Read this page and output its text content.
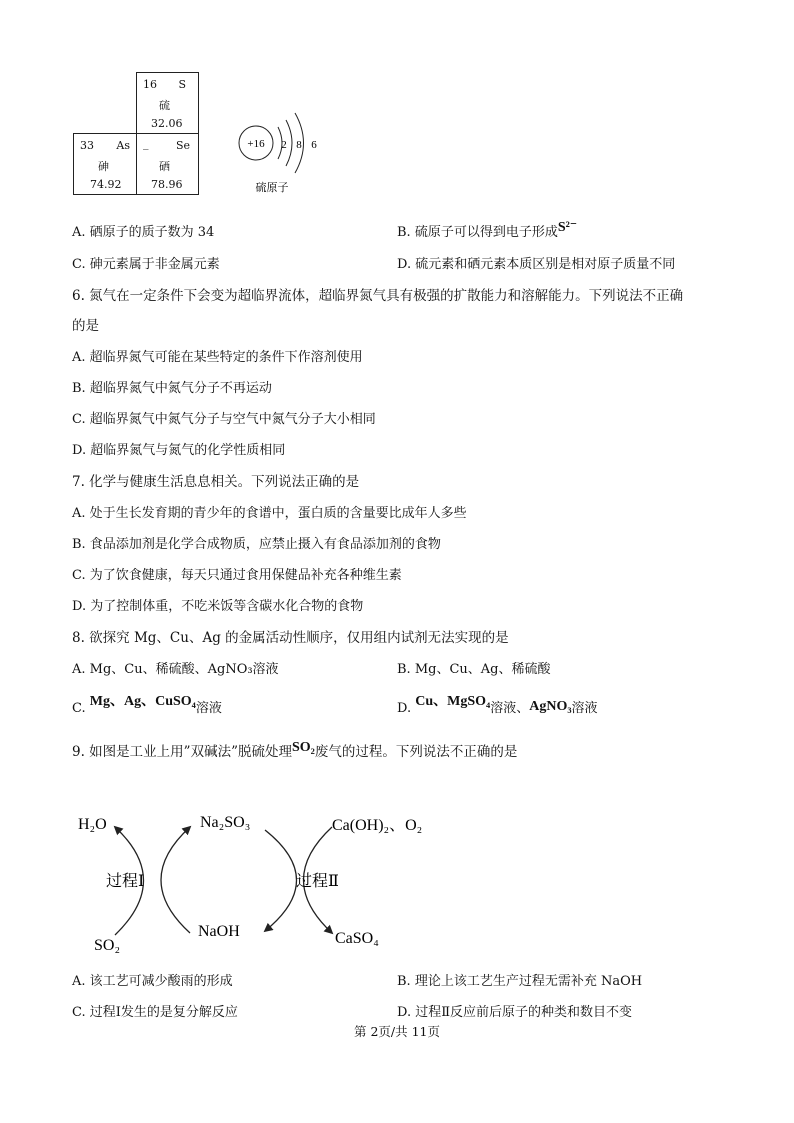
16 S
硫
32.06
33 As
砷
74.92
_ Se
硒
78.96
+16 2 8 6
硫原子
A. 硒原子的质子数为 34	B. 硫原子可以得到电子形成S²⁻
C. 砷元素属于非金属元素	D. 硫元素和硒元素本质区别是相对原子质量不同
6. 氮气在一定条件下会变为超临界流体，超临界氮气具有极强的扩散能力和溶解能力。下列说法不正确
的是
A. 超临界氮气可能在某些特定的条件下作溶剂使用
B. 超临界氮气中氮气分子不再运动
C. 超临界氮气中氮气分子与空气中氮气分子大小相同
D. 超临界氮气与氮气的化学性质相同
7. 化学与健康生活息息相关。下列说法正确的是
A. 处于生长发育期的青少年的食谱中，蛋白质的含量要比成年人多些
B. 食品添加剂是化学合成物质，应禁止摄入有食品添加剂的食物
C. 为了饮食健康，每天只通过食用保健品补充各种维生素
D. 为了控制体重，不吃米饭等含碳水化合物的食物
8. 欲探究 Mg、Cu、Ag 的金属活动性顺序，仅用组内试剂无法实现的是
A. Mg、Cu、稀硫酸、AgNO₃溶液	B. Mg、Cu、Ag、稀硫酸
C. Mg、Ag、CuSO₄溶液	D. Cu、MgSO₄溶液、AgNO₃溶液
9. 如图是工业上用”双碱法”脱硫处理SO₂废气的过程。下列说法不正确的是
H₂O	Na₂SO₃	Ca(OH)₂、O₂
过程Ⅰ	过程Ⅱ
NaOH	CaSO₄
SO₂
A. 该工艺可减少酸雨的形成	B. 理论上该工艺生产过程无需补充 NaOH
C. 过程Ⅰ发生的是复分解反应	D. 过程Ⅱ反应前后原子的种类和数目不变
第 2页/共 11页
